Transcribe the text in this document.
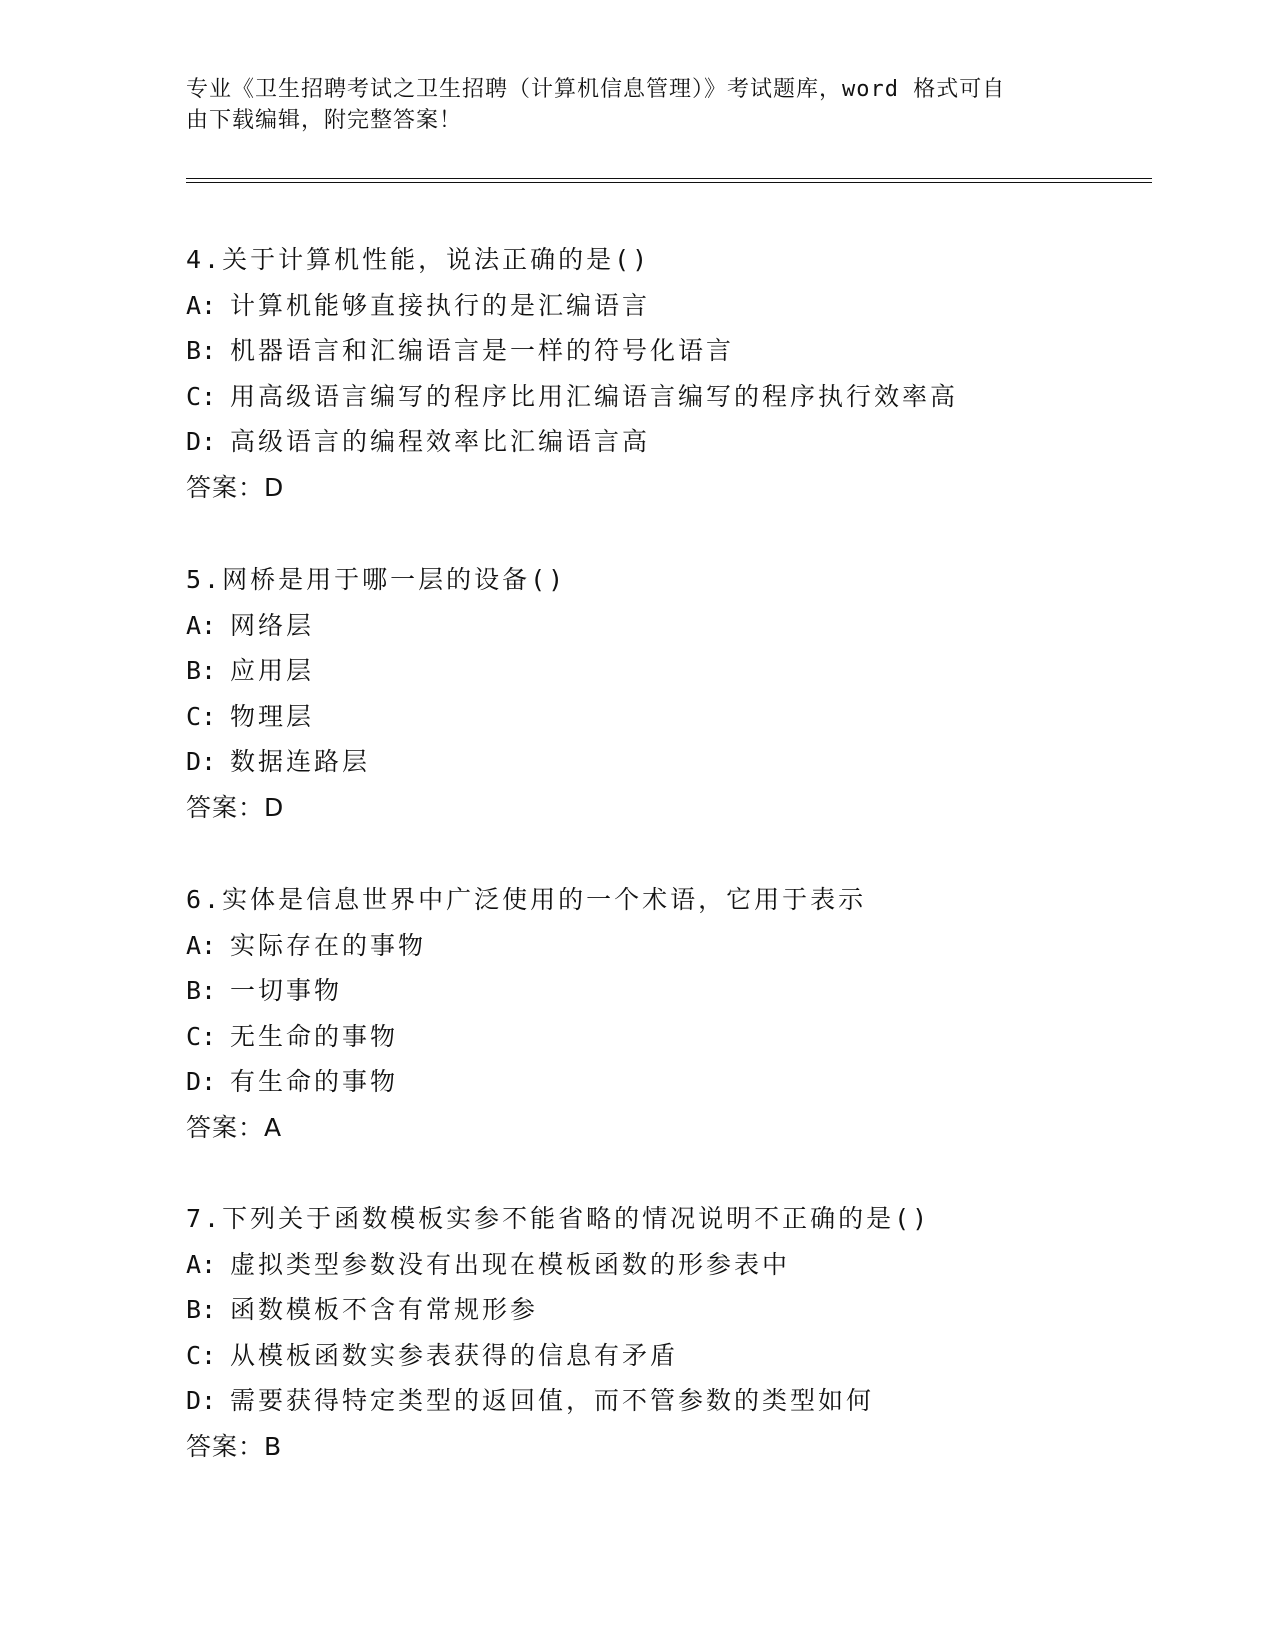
专业《卫生招聘考试之卫生招聘（计算机信息管理）》考试题库，word 格式可自
由下载编辑，附完整答案！
4.关于计算机性能，说法正确的是()
A: 计算机能够直接执行的是汇编语言
B: 机器语言和汇编语言是一样的符号化语言
C: 用高级语言编写的程序比用汇编语言编写的程序执行效率高
D: 高级语言的编程效率比汇编语言高
答案：D
5.网桥是用于哪一层的设备()
A: 网络层
B: 应用层
C: 物理层
D: 数据连路层
答案：D
6.实体是信息世界中广泛使用的一个术语，它用于表示
A: 实际存在的事物
B: 一切事物
C: 无生命的事物
D: 有生命的事物
答案：A
7.下列关于函数模板实参不能省略的情况说明不正确的是()
A: 虚拟类型参数没有出现在模板函数的形参表中
B: 函数模板不含有常规形参
C: 从模板函数实参表获得的信息有矛盾
D: 需要获得特定类型的返回值，而不管参数的类型如何
答案：B
